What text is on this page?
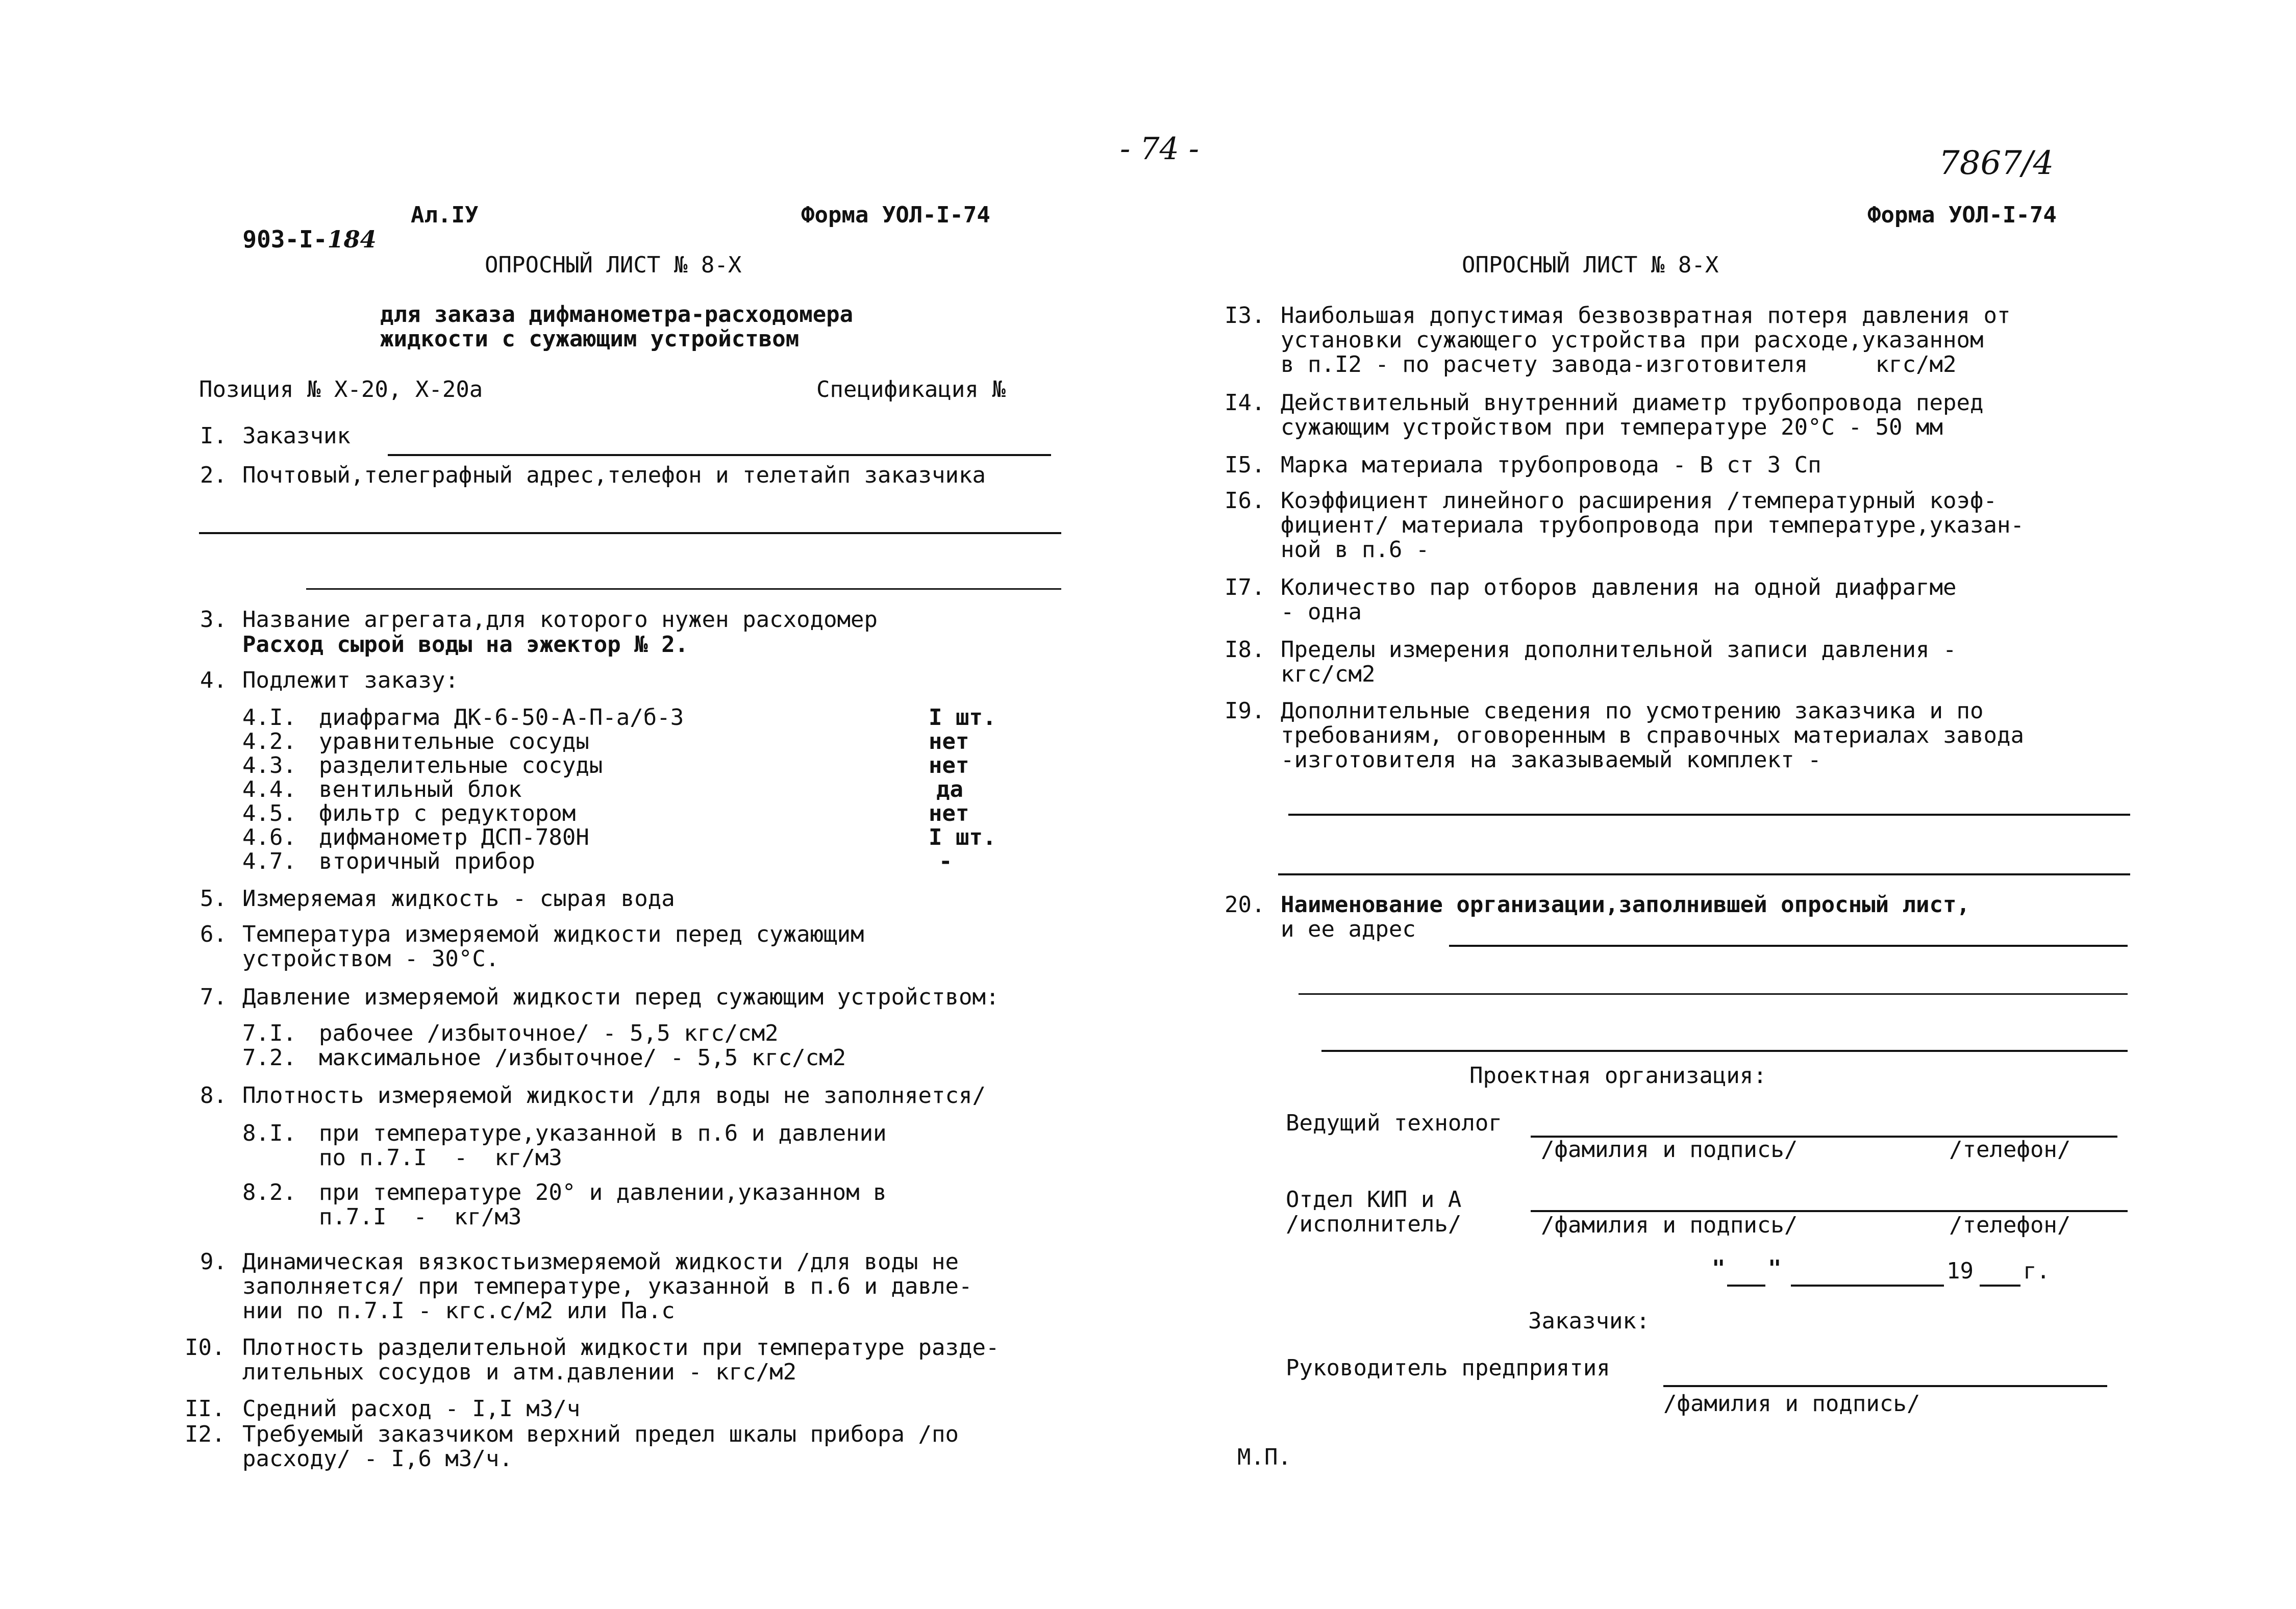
- 74 -	7867/4

903-I-184

Ал.IУ	Форма УОЛ-I-74	Форма УОЛ-I-74
ОПРОСНЫЙ ЛИСТ № 8-Х
для заказа дифманометра-расходомера
жидкости с сужающим устройством
Позиция № Х-20, Х-20а	Спецификация №
I. Заказчик
2. Почтовый,телеграфный адрес,телефон и телетайп заказчика
3. Название агрегата,для которого нужен расходомер
Расход сырой воды на эжектор № 2.
4. Подлежит заказу:
4.I. диафрагма ДК-6-50-А-П-а/б-3	I шт.
4.2. уравнительные сосуды	нет
4.3. разделительные сосуды	нет
4.4. вентильный блок	да
4.5. фильтр с редуктором	нет
4.6. дифманометр ДСП-780Н	I шт.
4.7. вторичный прибор	-
5. Измеряемая жидкость - сырая вода
6. Температура измеряемой жидкости перед сужающим
устройством - 30°С.
7. Давление измеряемой жидкости перед сужающим устройством:
7.I. рабочее /избыточное/ - 5,5 кгс/см2
7.2. максимальное /избыточное/ - 5,5 кгс/см2
8. Плотность измеряемой жидкости /для воды не заполняется/
8.I. при температуре,указанной в п.6 и давлении
по п.7.I  -  кг/м3
8.2. при температуре 20° и давлении,указанном в
п.7.I  -  кг/м3
9. Динамическая вязкостьизмеряемой жидкости /для воды не
заполняется/ при температуре, указанной в п.6 и давле-
нии по п.7.I - кгс.с/м2 или Па.с
I0. Плотность разделительной жидкости при температуре разде-
лительных сосудов и атм.давлении - кгс/м2
II. Средний расход - I,I м3/ч
I2. Требуемый заказчиком верхний предел шкалы прибора /по
расходу/ - I,6 м3/ч.
ОПРОСНЫЙ ЛИСТ № 8-Х
I3. Наибольшая допустимая безвозвратная потеря давления от
установки сужающего устройства при расходе,указанном
в п.I2 - по расчету завода-изготовителя     кгс/м2
I4. Действительный внутренний диаметр трубопровода перед
сужающим устройством при температуре 20°С - 50 мм
I5. Марка материала трубопровода - В ст 3 Сп
I6. Коэффициент линейного расширения /температурный коэф-
фициент/ материала трубопровода при температуре,указан-
ной в п.6 -
I7. Количество пар отборов давления на одной диафрагме
- одна
I8. Пределы измерения дополнительной записи давления -
кгс/см2
I9. Дополнительные сведения по усмотрению заказчика и по
требованиям, оговоренным в справочных материалах завода
-изготовителя на заказываемый комплект -
20. Наименование организации,заполнившей опросный лист,
и ее адрес
Проектная организация:
Ведущий технолог
/фамилия и подпись/	/телефон/
Отдел КИП и А
/исполнитель/	/фамилия и подпись/	/телефон/
" "	19 г.
Заказчик:
Руководитель предприятия
/фамилия и подпись/
М.П.
